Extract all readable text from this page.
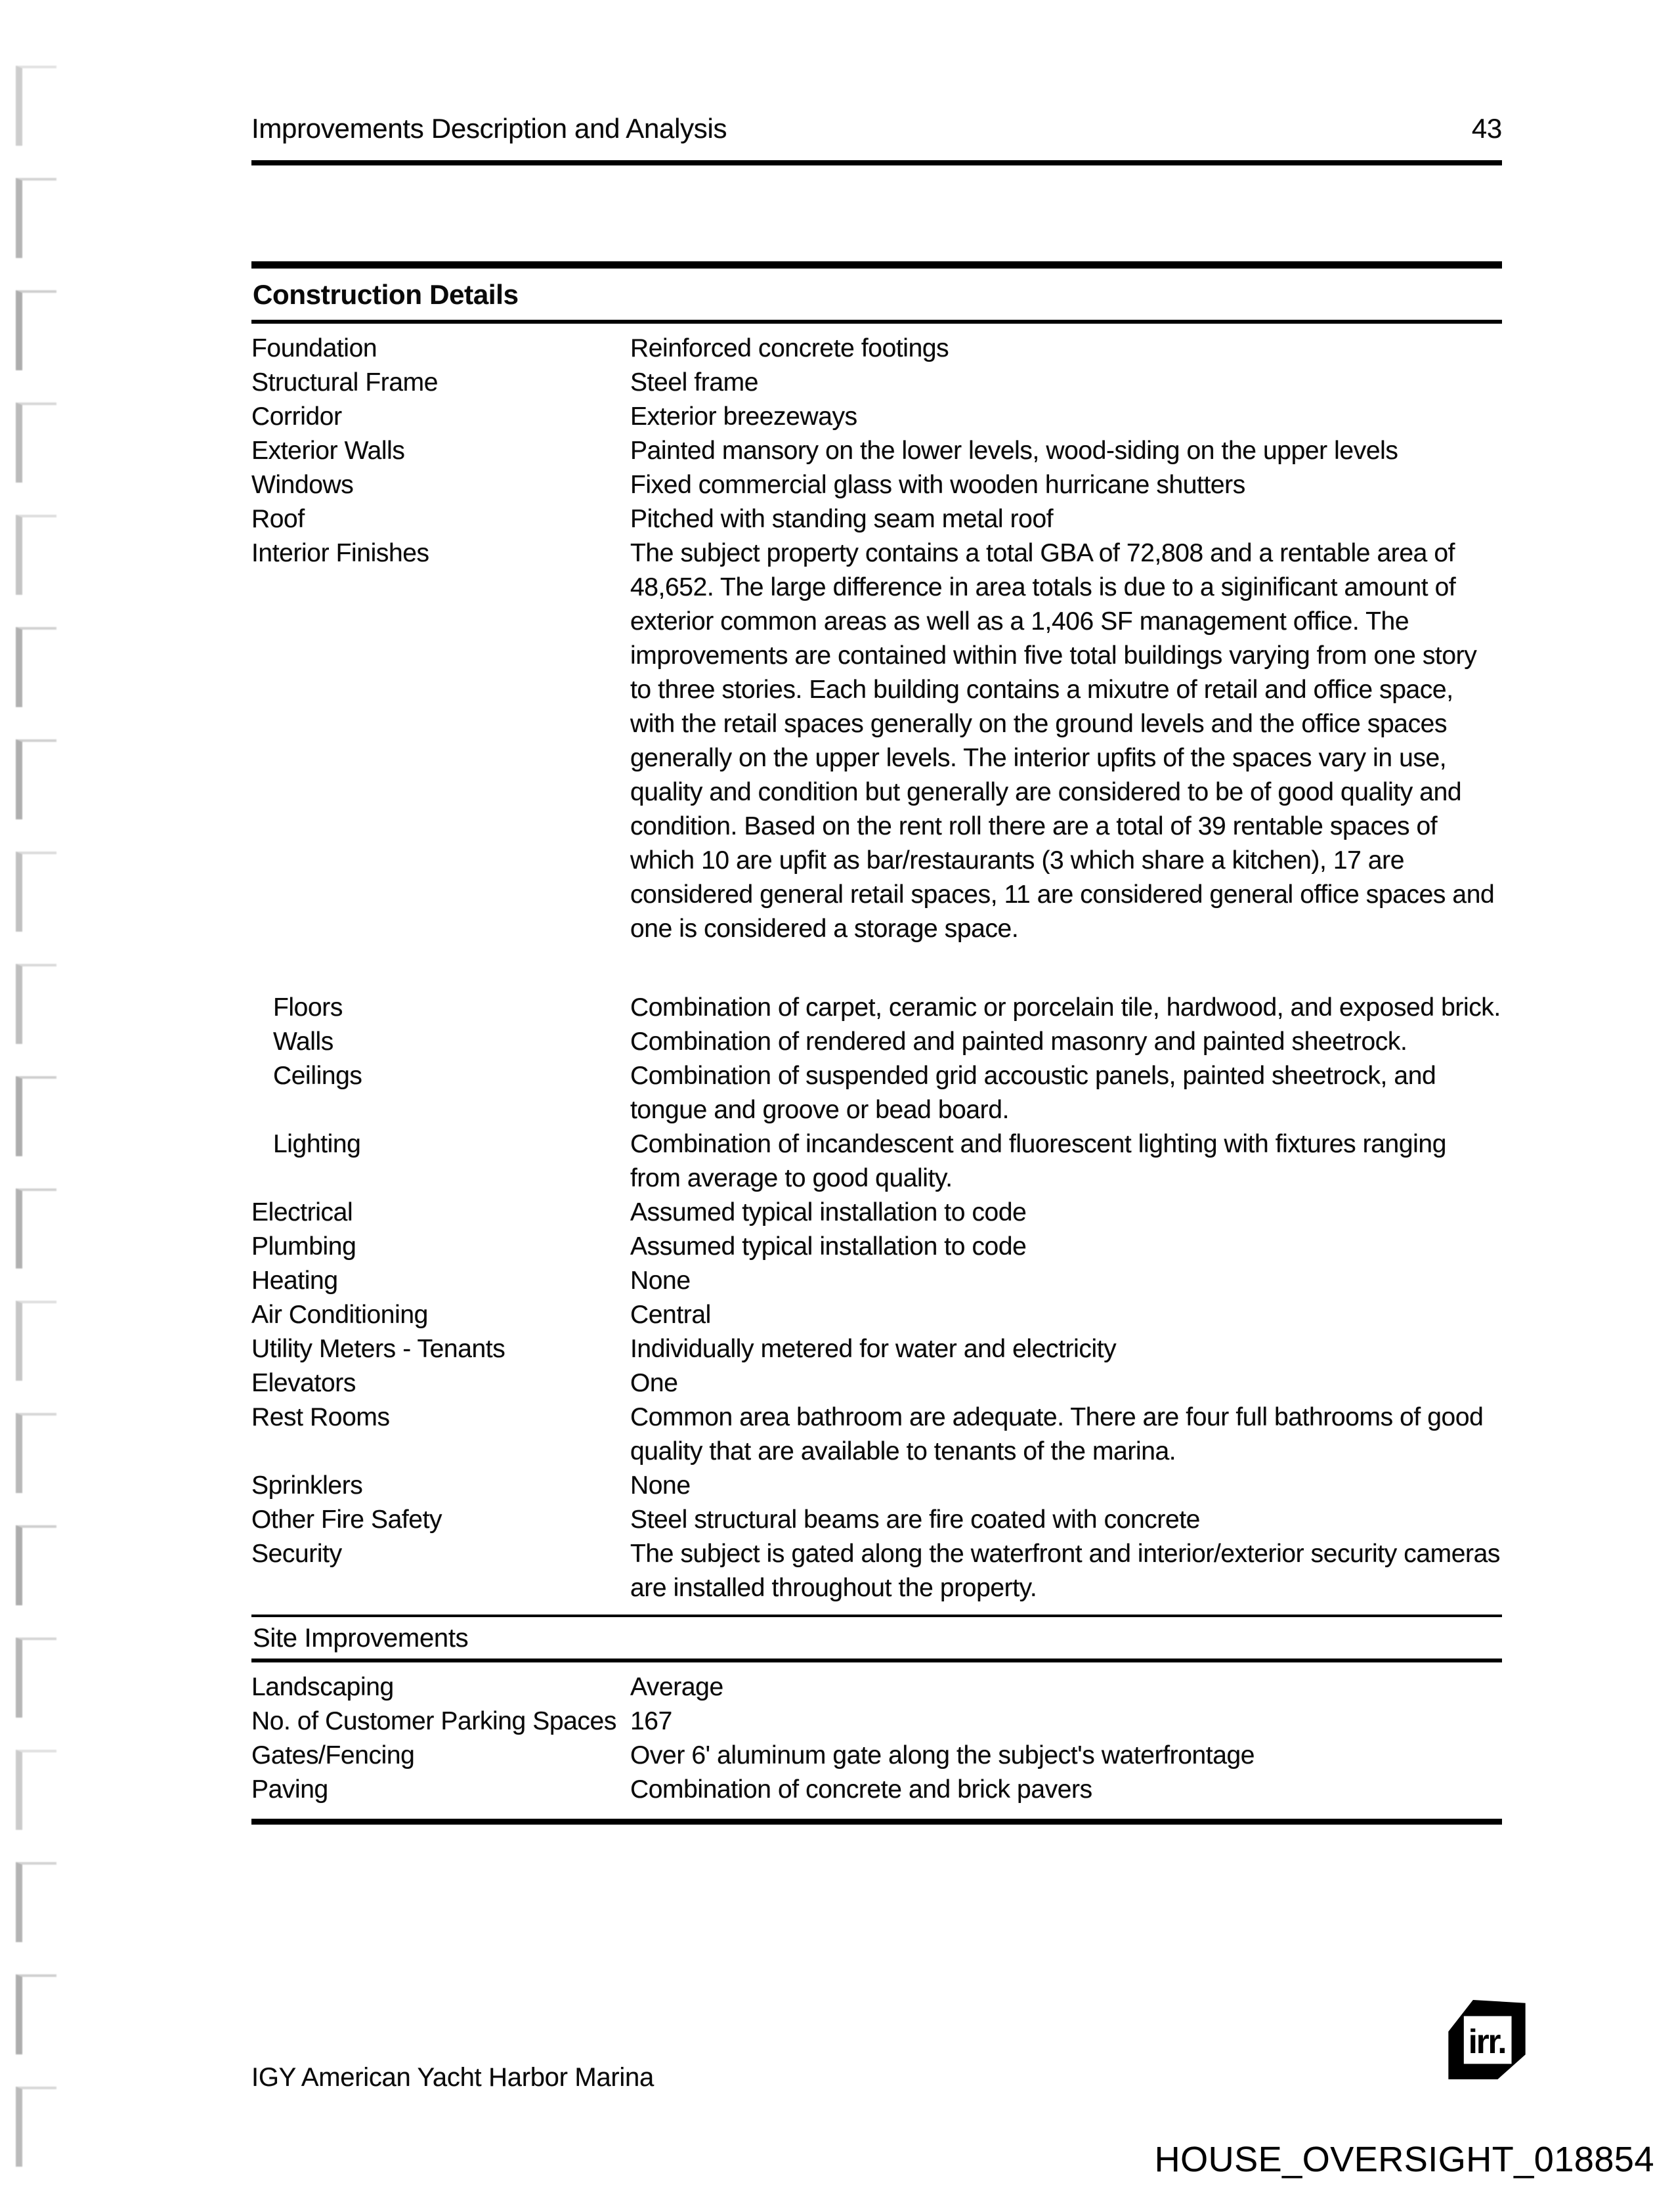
Improvements Description and Analysis	43
Construction Details
Foundation	Reinforced concrete footings
Structural Frame	Steel frame
Corridor	Exterior breezeways
Exterior Walls	Painted mansory on the lower levels, wood-siding on the upper levels
Windows	Fixed commercial glass with wooden hurricane shutters
Roof	Pitched with standing seam metal roof
Interior Finishes	The subject property contains a total GBA of 72,808 and a rentable area of 48,652. The large difference in area totals is due to a siginificant amount of exterior common areas as well as a 1,406 SF management office. The improvements are contained within five total buildings varying from one story to three stories. Each building contains a mixutre of retail and office space, with the retail spaces generally on the ground levels and the office spaces generally on the upper levels. The interior upfits of the spaces vary in use, quality and condition but generally are considered to be of good quality and condition. Based on the rent roll there are a total of 39 rentable spaces of which 10 are upfit as bar/restaurants (3 which share a kitchen), 17 are considered general retail spaces, 11 are considered general office spaces and one is considered a storage space.
Floors	Combination of carpet, ceramic or porcelain tile, hardwood, and exposed brick.
Walls	Combination of rendered and painted masonry and painted sheetrock.
Ceilings	Combination of suspended grid accoustic panels, painted sheetrock, and tongue and groove or bead board.
Lighting	Combination of incandescent and fluorescent lighting with fixtures ranging from average to good quality.
Electrical	Assumed typical installation to code
Plumbing	Assumed typical installation to code
Heating	None
Air Conditioning	Central
Utility Meters - Tenants	Individually metered for water and electricity
Elevators	One
Rest Rooms	Common area bathroom are adequate. There are four full bathrooms of good quality that are available to tenants of the marina.
Sprinklers	None
Other Fire Safety	Steel structural beams are fire coated with concrete
Security	The subject is gated along the waterfront and interior/exterior security cameras are installed throughout the property.
Site Improvements
Landscaping	Average
No. of Customer Parking Spaces 167
Gates/Fencing	Over 6' aluminum gate along the subject's waterfrontage
Paving	Combination of concrete and brick pavers
IGY American Yacht Harbor Marina
irr.
HOUSE_OVERSIGHT_018854
